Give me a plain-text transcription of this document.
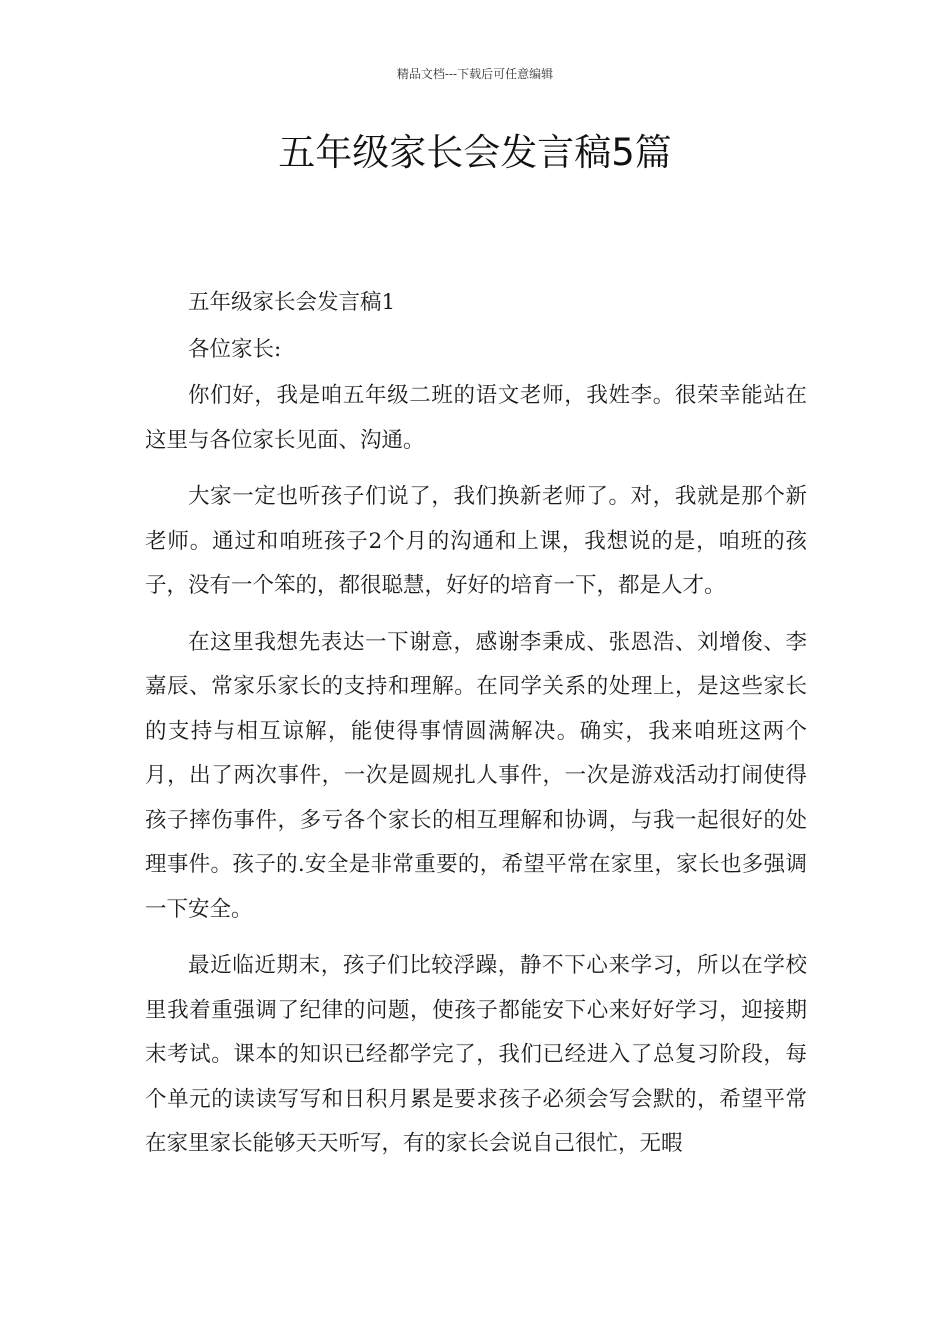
精品文档---下载后可任意编辑
五年级家长会发言稿5篇

五年级家长会发言稿1

各位家长:

你们好，我是咱五年级二班的语文老师，我姓李。很荣幸能站在这里与各位家长见面、沟通。

大家一定也听孩子们说了，我们换新老师了。对，我就是那个新老师。通过和咱班孩子2个月的沟通和上课，我想说的是，咱班的孩子，没有一个笨的，都很聪慧，好好的培育一下，都是人才。

在这里我想先表达一下谢意，感谢李秉成、张恩浩、刘增俊、李嘉辰、常家乐家长的支持和理解。在同学关系的处理上，是这些家长的支持与相互谅解，能使得事情圆满解决。确实，我来咱班这两个月，出了两次事件，一次是圆规扎人事件，一次是游戏活动打闹使得孩子摔伤事件，多亏各个家长的相互理解和协调，与我一起很好的处理事件。孩子的.安全是非常重要的，希望平常在家里，家长也多强调一下安全。

最近临近期末，孩子们比较浮躁，静不下心来学习，所以在学校里我着重强调了纪律的问题，使孩子都能安下心来好好学习，迎接期末考试。课本的知识已经都学完了，我们已经进入了总复习阶段，每个单元的读读写写和日积月累是要求孩子必须会写会默的，希望平常在家里家长能够天天听写，有的家长会说自己很忙，无暇
